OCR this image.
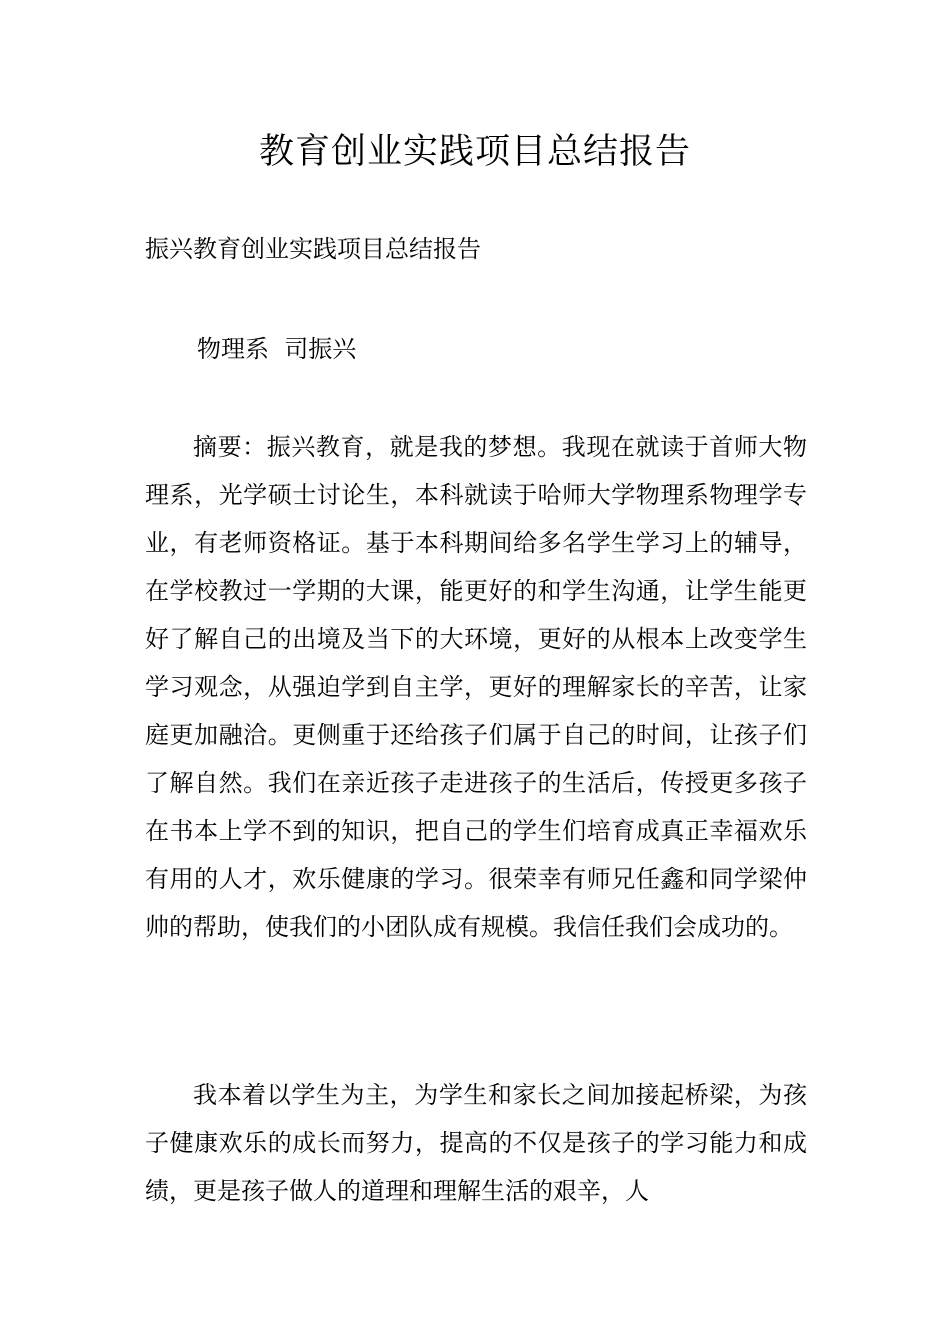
教育创业实践项目总结报告
振兴教育创业实践项目总结报告
物理系  司振兴
摘要：振兴教育，就是我的梦想。我现在就读于首师大物理系，光学硕士讨论生，本科就读于哈师大学物理系物理学专业，有老师资格证。基于本科期间给多名学生学习上的辅导，在学校教过一学期的大课，能更好的和学生沟通，让学生能更好了解自己的出境及当下的大环境，更好的从根本上改变学生学习观念，从强迫学到自主学，更好的理解家长的辛苦，让家庭更加融洽。更侧重于还给孩子们属于自己的时间，让孩子们了解自然。我们在亲近孩子走进孩子的生活后，传授更多孩子在书本上学不到的知识，把自己的学生们培育成真正幸福欢乐有用的人才，欢乐健康的学习。很荣幸有师兄任鑫和同学梁仲帅的帮助，使我们的小团队成有规模。我信任我们会成功的。
我本着以学生为主，为学生和家长之间加接起桥梁，为孩子健康欢乐的成长而努力，提高的不仅是孩子的学习能力和成绩，更是孩子做人的道理和理解生活的艰辛，人
